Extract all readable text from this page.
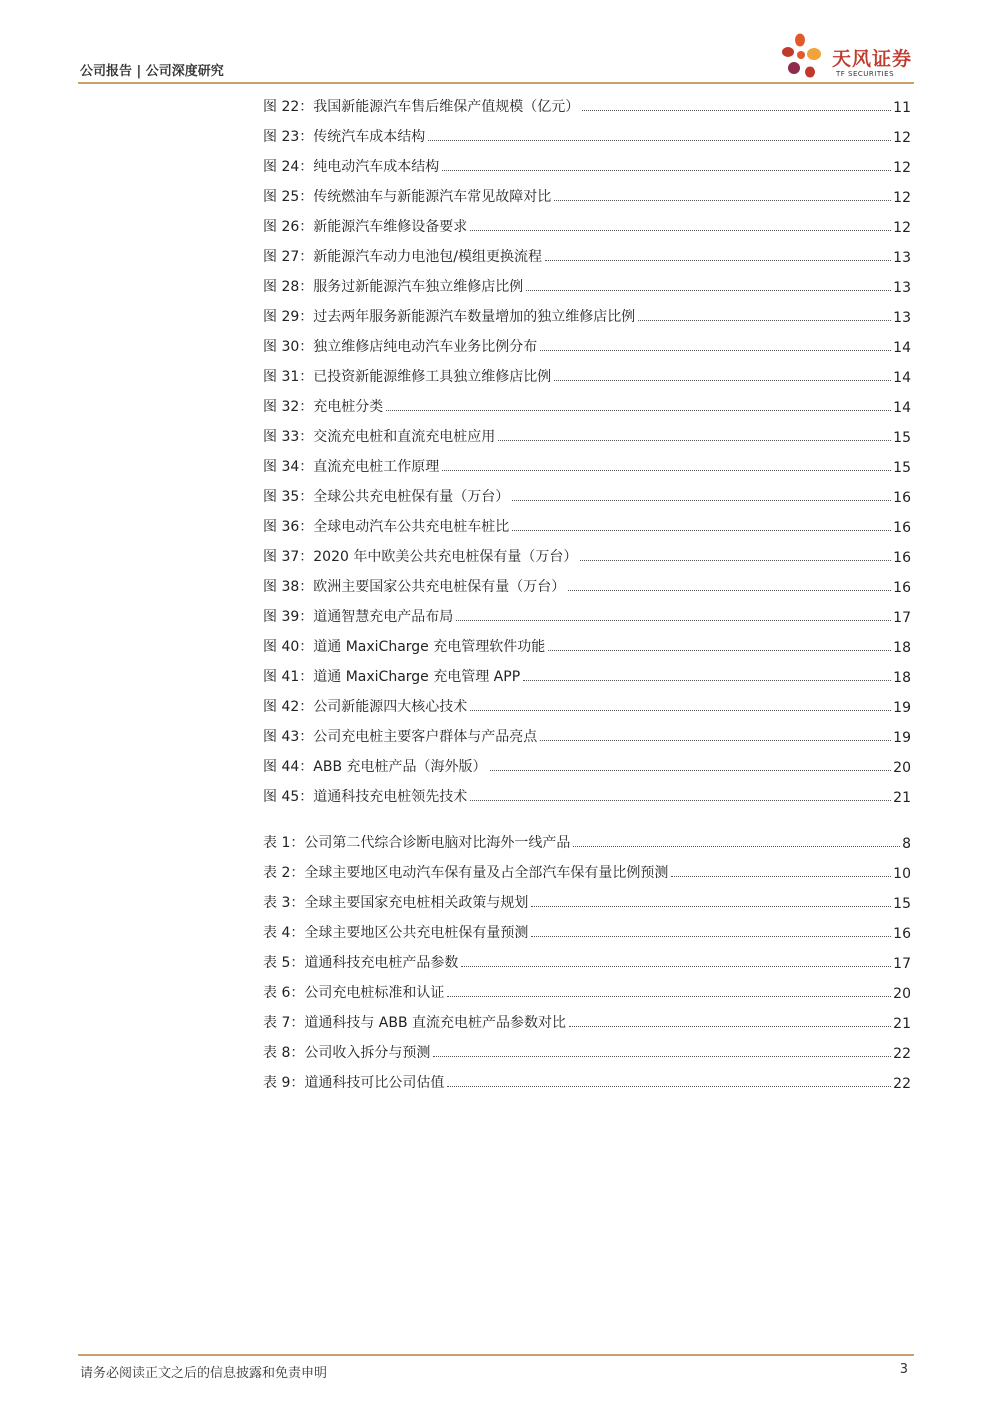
公司报告 | 公司深度研究
天风证券
TF SECURITIES
图 22：我国新能源汽车售后维保产值规模（亿元）	11
图 23：传统汽车成本结构	12
图 24：纯电动汽车成本结构	12
图 25：传统燃油车与新能源汽车常见故障对比	12
图 26：新能源汽车维修设备要求	12
图 27：新能源汽车动力电池包/模组更换流程	13
图 28：服务过新能源汽车独立维修店比例	13
图 29：过去两年服务新能源汽车数量增加的独立维修店比例	13
图 30：独立维修店纯电动汽车业务比例分布	14
图 31：已投资新能源维修工具独立维修店比例	14
图 32：充电桩分类	14
图 33：交流充电桩和直流充电桩应用	15
图 34：直流充电桩工作原理	15
图 35：全球公共充电桩保有量（万台）	16
图 36：全球电动汽车公共充电桩车桩比	16
图 37：2020 年中欧美公共充电桩保有量（万台）	16
图 38：欧洲主要国家公共充电桩保有量（万台）	16
图 39：道通智慧充电产品布局	17
图 40：道通 MaxiCharge 充电管理软件功能	18
图 41：道通 MaxiCharge 充电管理 APP	18
图 42：公司新能源四大核心技术	19
图 43：公司充电桩主要客户群体与产品亮点	19
图 44：ABB 充电桩产品（海外版）	20
图 45：道通科技充电桩领先技术	21
表 1：公司第二代综合诊断电脑对比海外一线产品	8
表 2：全球主要地区电动汽车保有量及占全部汽车保有量比例预测	10
表 3：全球主要国家充电桩相关政策与规划	15
表 4：全球主要地区公共充电桩保有量预测	16
表 5：道通科技充电桩产品参数	17
表 6：公司充电桩标准和认证	20
表 7：道通科技与 ABB 直流充电桩产品参数对比	21
表 8：公司收入拆分与预测	22
表 9：道通科技可比公司估值	22
请务必阅读正文之后的信息披露和免责申明	3
